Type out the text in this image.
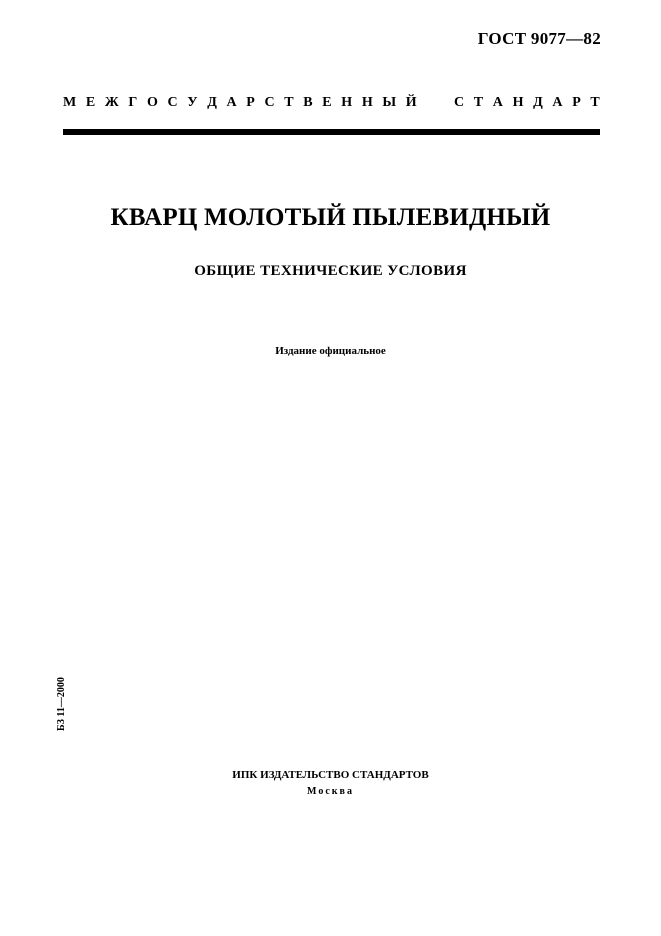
ГОСТ 9077—82
М Е Ж Г О С У Д А Р С Т В Е Н Н Ы Й	С Т А Н Д А Р Т
КВАРЦ МОЛОТЫЙ ПЫЛЕВИДНЫЙ
ОБЩИЕ ТЕХНИЧЕСКИЕ УСЛОВИЯ
Издание официальное
БЗ 11—2000
ИПК ИЗДАТЕЛЬСТВО СТАНДАРТОВ
Москва
